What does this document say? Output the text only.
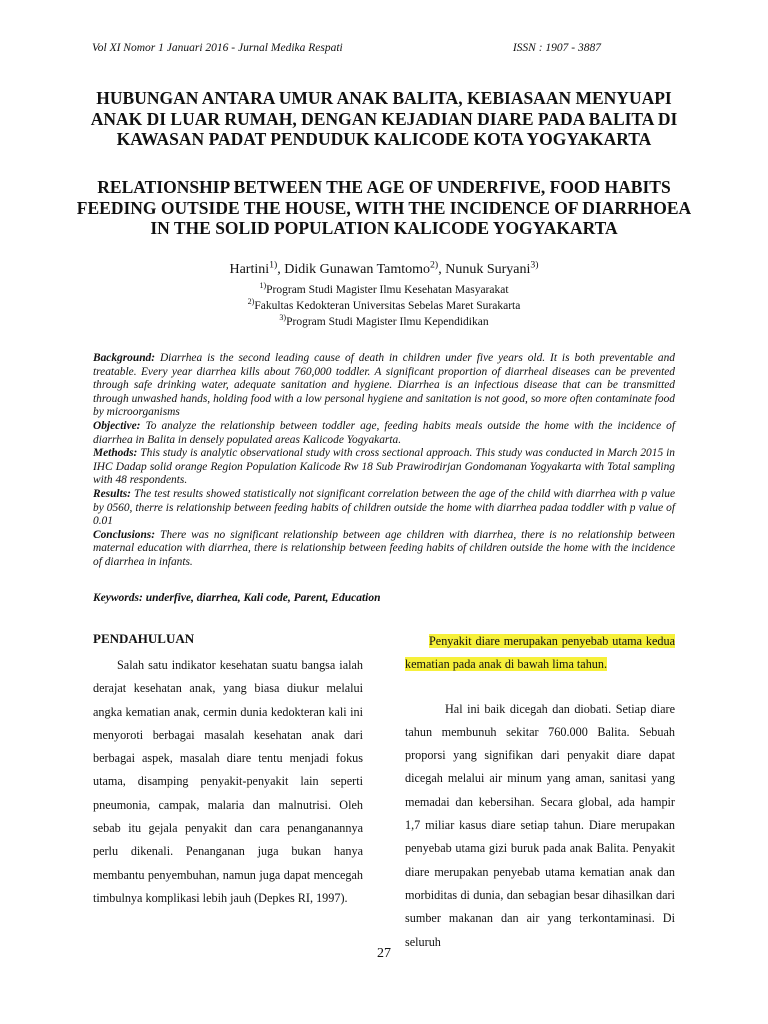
Vol XI Nomor 1 Januari 2016 - Jurnal Medika Respati	ISSN : 1907 - 3887
HUBUNGAN ANTARA UMUR ANAK BALITA, KEBIASAAN MENYUAPI ANAK DI LUAR RUMAH, DENGAN KEJADIAN DIARE PADA BALITA DI KAWASAN PADAT PENDUDUK KALICODE KOTA YOGYAKARTA
RELATIONSHIP BETWEEN THE AGE OF UNDERFIVE, FOOD HABITS FEEDING OUTSIDE THE HOUSE, WITH THE INCIDENCE OF DIARRHOEA IN THE SOLID POPULATION KALICODE YOGYAKARTA
Hartini$^{1)}$, Didik Gunawan Tamtomo$^{2)}$, Nunuk Suryani$^{3)}$
$^{1)}$Program Studi Magister Ilmu Kesehatan Masyarakat
$^{2)}$Fakultas Kedokteran Universitas Sebelas Maret Surakarta
$^{3)}$Program Studi Magister Ilmu Kependidikan

Background: Diarrhea is the second leading cause of death in children under five years old. It is both preventable and treatable. Every year diarrhea kills about 760,000 toddler. A significant proportion of diarrheal diseases can be prevented through safe drinking water, adequate sanitation and hygiene. Diarrhea is an infectious disease that can be transmitted through unwashed hands, holding food with a low personal hygiene and sanitation is not good, so more often contaminate food by microorganisms

Objective: To analyze the relationship between toddler age, feeding habits meals outside the home with the incidence of diarrhea in Balita in densely populated areas Kalicode Yogyakarta.

Methods: This study is analytic observational study with cross sectional approach. This study was conducted in March 2015 in IHC Dadap solid orange Region Population Kalicode Rw 18 Sub Prawirodirjan Gondomanan Yogyakarta with Total sampling with 48 respondents.

Results: The test results showed statistically not significant correlation between the age of the child with diarrhea with p value by 0560, therre is relationship between feeding habits of children outside the home with diarrhea padaa toddler with p value of 0.01

Conclusions: There was no significant relationship between age children with diarrhea, there is no relationship between maternal education with diarrhea, there is relationship between feeding habits of children outside the home with the incidence of diarrhea in infants.

Keywords: underfive, diarrhea, Kali code, Parent, Education
PENDAHULUAN

Salah satu indikator kesehatan suatu bangsa ialah derajat kesehatan anak, yang biasa diukur melalui angka kematian anak, cermin dunia kedokteran kali ini menyoroti berbagai masalah kesehatan anak dari berbagai aspek, masalah diare tentu menjadi fokus utama, disamping penyakit-penyakit lain seperti pneumonia, campak, malaria dan malnutrisi. Oleh sebab itu gejala penyakit dan cara penanganannya perlu dikenali. Penanganan juga bukan hanya membantu penyembuhan, namun juga dapat mencegah timbulnya komplikasi lebih jauh (Depkes RI, 1997).

Penyakit diare merupakan penyebab utama kedua kematian pada anak di bawah lima tahun.

Hal ini baik dicegah dan diobati. Setiap diare tahun membunuh sekitar 760.000 Balita. Sebuah proporsi yang signifikan dari penyakit diare dapat dicegah melalui air minum yang aman, sanitasi yang memadai dan kebersihan. Secara global, ada hampir 1,7 miliar kasus diare setiap tahun. Diare merupakan penyebab utama gizi buruk pada anak Balita. Penyakit diare merupakan penyebab utama kematian anak dan morbiditas di dunia, dan sebagian besar dihasilkan dari sumber makanan dan air yang terkontaminasi. Di seluruh

27
